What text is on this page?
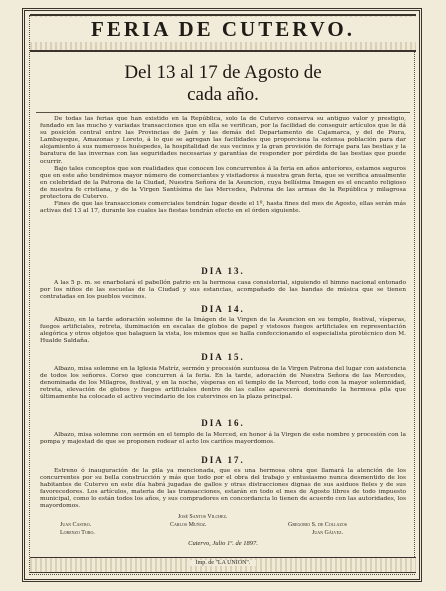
FERIA DE CUTERVO.
Del 13 al 17 de Agosto de
cada año.

De todas las ferias que han existido en la República, solo la de Cutervo conserva su antiguo valor y prestigio, fundado en las mucho y variadas transacciones que en ella se verifican, por la facilidad de conseguir artículos que le dá su posición central entre las Provincias de Jaén y las demás del Departamento de Cajamarca, y del de Piura, Lambayeque, Amazonas y Loreto, á lo que se agregan las facilidades que proporciona la extensa población para dar alojamiento á sus numerosos huéspedes, la hospitalidad de sus vecinos y la gran provisión de forraje para las bestias y la baratura de las invernas con las seguridades necesarias y garantías de responder por pérdida de las bestias que puede ocurrir.

Bajo tales conceptos que son realidades que conocen los concurrentes á la feria en años anteriores, estamos seguros que en este año tendrémos mayor número de comerciantes y visitadores á nuestra gran feria, que se verifica anualmente en celebridad de la Patrona de la Ciudad, Nuestra Señora de la Asuncion, cuya bellísima Imagen es el encanto religioso de nuestra fe cristiana, y de la Virgen Santísima de las Mercedes, Patrona de las armas de la República y milagrosa protectora de Cutervo.

Fines de que las transacciones comerciales tendrán lugar desde el 1º, hasta fines del mes de Agosto, ellas serán más activas del 13 al 17, durante los cuales las fiestas tendrán efecto en el órden siguiente.

DIA 13.

A las 5 p. m. se enarbolará el pabellón patrio en la hermosa casa consistorial, siguiendo el himno nacional entonado por los niños de las escuelas de la Ciudad y sus estancias, acompañado de las bandas de música que se tienen contratadas en los pueblos vecinos.

DIA 14.

Albazo, en la tarde adoración solemne de la Imágen de la Virgen de la Asuncion en su templo, festival, vísperas, fuegos artificiales, retreta, iluminación en escalas de globos de papel y vistosos fuegos artificiales en representación alegórica y otros objetos que halaguen la vista, los mismos que se halla confeccionando el especialista pirotécnico don M. Hualde Saldaña.

DIA 15.

Albazo, misa solemne en la Iglesia Matríz, sermón y procesión suntuosa de la Virgen Patrona del lugar con asistencia de todos los señores. Corso que concurren á la feria. En la tarde, adoración de Nuestra Señora de las Mercedes, denominada de los Milagros, festival, y en la noche, vísperas en el templo de la Merced, todo con la mayor solemnidad, retreta, elevación de globos y fuegos artificiales dentro de las calles aparecerá dominando la hermosa pila que últimamente ha colocado el activo vecindario de los cutervinos en la plaza principal.

DIA 16.

Albazo, misa solemne con sermón en el templo de la Merced, en honor á la Virgen de este nombre y procesión con la pompa y majestad de que se proponen rodear el acto los cariños mayordomos.

DIA 17.

Estreno ó inauguración de la pila ya mencionada, que es una hermosa obra que llamará la atención de los concurrentes por su bella construcción y más que todo por el obra del trabajo y entusiasmo nunca desmentido de los habitantes de Cutervo en este día habrá jugadas de gallos y otras distracciones dignas de sus asiduos fieles y de sus favorecedores. Los artículos, materia de las transacciones, estarán en todo el mes de Agosto libres de todo impuesto municipal, como lo están todos los años, y sus compradores en concordancia lo tienen de acuerdo con las autoridades, los mayordomos.

José Santos Vilchez.
Juan Castro.	Carlos Muñoz.	Gregorio S. de Collazos
Lorenzo Toro.	Juan Gálvez.
Cutervo, Julio 1º. de 1897.
Imp. de "LA UNION".
